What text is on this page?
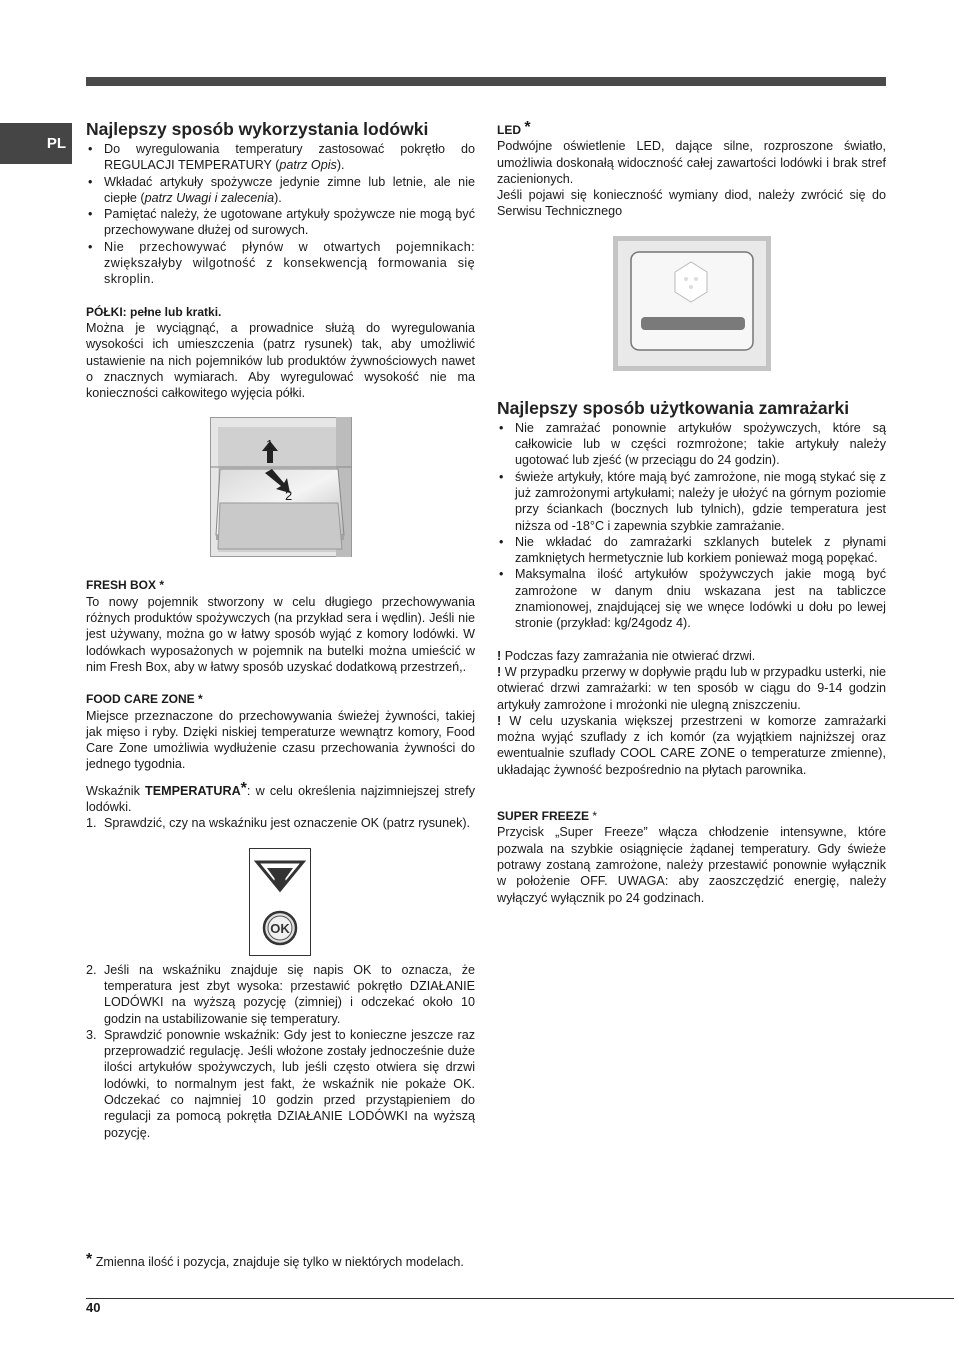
PL
Najlepszy sposób wykorzystania lodówki
• Do wyregulowania temperatury zastosować pokrętło do REGULACJI TEMPERATURY (patrz Opis).
• Wkładać artykuły spożywcze jedynie zimne lub letnie, ale nie ciepłe (patrz Uwagi i zalecenia).
• Pamiętać należy, że ugotowane artykuły spożywcze nie mogą być przechowywane dłużej od surowych.
• Nie przechowywać płynów w otwartych pojemnikach: zwiększałyby wilgotność z konsekwencją formowania się skroplin.

PÓŁKI: pełne lub kratki.

Można je wyciągnąć, a prowadnice służą do wyregulowania wysokości ich umieszczenia (patrz rysunek) tak, aby umożliwić ustawienie na nich pojemników lub produktów żywnościowych nawet o znacznych wymiarach. Aby wyregulować wysokość nie ma konieczności całkowitego wyjęcia półki.

1
2

FRESH BOX *

To nowy pojemnik stworzony w celu długiego przechowywania różnych produktów spożywczych (na przykład sera i wędlin). Jeśli nie jest używany, można go w łatwy sposób wyjąć z komory lodówki. W lodówkach wyposażonych w pojemnik na butelki można umieścić w nim Fresh Box, aby w łatwy sposób uzyskać dodatkową przestrzeń,.

FOOD CARE ZONE *

Miejsce przeznaczone do przechowywania świeżej żywności, takiej jak mięso i ryby. Dzięki niskiej temperaturze wewnątrz komory, Food Care Zone umożliwia wydłużenie czasu przechowania żywności do jednego tygodnia.

Wskaźnik TEMPERATURA*: w celu określenia najzimniejszej strefy lodówki.

1. Sprawdzić, czy na wskaźniku jest oznaczenie OK (patrz rysunek).
OK
2. Jeśli na wskaźniku znajduje się napis OK to oznacza, że temperatura jest zbyt wysoka: przestawić pokrętło DZIAŁANIE LODÓWKI na wyższą pozycję (zimniej) i odczekać około 10 godzin na ustabilizowanie się temperatury.
3. Sprawdzić ponownie wskaźnik: Gdy jest to konieczne jeszcze raz przeprowadzić regulację. Jeśli włożone zostały jednocześnie duże ilości artykułów spożywczych, lub jeśli często otwiera się drzwi lodówki, to normalnym jest fakt, że wskaźnik nie pokaże OK. Odczekać co najmniej 10 godzin przed przystąpieniem do regulacji za pomocą pokrętła DZIAŁANIE LODÓWKI na wyższą pozycję.
* Zmienna ilość i pozycja, znajduje się tylko w niektórych modelach.

LED *

Podwójne oświetlenie LED, dające silne, rozproszone światło, umożliwia doskonałą widoczność całej zawartości lodówki i brak stref zacienionych.

Jeśli pojawi się konieczność wymiany diod, należy zwrócić się do Serwisu Technicznego

Najlepszy sposób użytkowania zamrażarki
• Nie zamrażać ponownie artykułów spożywczych, które są całkowicie lub w części rozmrożone; takie artykuły należy ugotować lub zjeść (w przeciągu do 24 godzin).
• świeże artykuły, które mają być zamrożone, nie mogą stykać się z już zamrożonymi artykułami; należy je ułożyć na górnym poziomie przy ściankach (bocznych lub tylnich), gdzie temperatura jest niższa od -18°C i zapewnia szybkie zamrażanie.
• Nie wkładać do zamrażarki szklanych butelek z płynami zamkniętych hermetycznie lub korkiem ponieważ mogą popękać.
• Maksymalna ilość artykułów spożywczych jakie mogą być zamrożone w danym dniu wskazana jest na tabliczce znamionowej, znajdującej się we wnęce lodówki u dołu po lewej stronie (przykład: kg/24godz 4).

! Podczas fazy zamrażania nie otwierać drzwi.

! W przypadku przerwy w dopływie prądu lub w przypadku usterki, nie otwierać drzwi zamrażarki: w ten sposób w ciągu do 9-14 godzin artykuły zamrożone i mrożonki nie ulegną zniszczeniu.

! W celu uzyskania większej przestrzeni w komorze zamrażarki można wyjąć szuflady z ich komór (za wyjątkiem najniższej oraz ewentualnie szuflady COOL CARE ZONE o temperaturze zmienne), układając żywność bezpośrednio na płytach parownika.

SUPER FREEZE *

Przycisk „Super Freeze” włącza chłodzenie intensywne, które pozwala na szybkie osiągnięcie żądanej temperatury. Gdy świeże potrawy zostaną zamrożone, należy przestawić ponownie wyłącznik w położenie OFF. UWAGA: aby zaoszczędzić energię, należy wyłączyć wyłącznik po 24 godzinach.

40
